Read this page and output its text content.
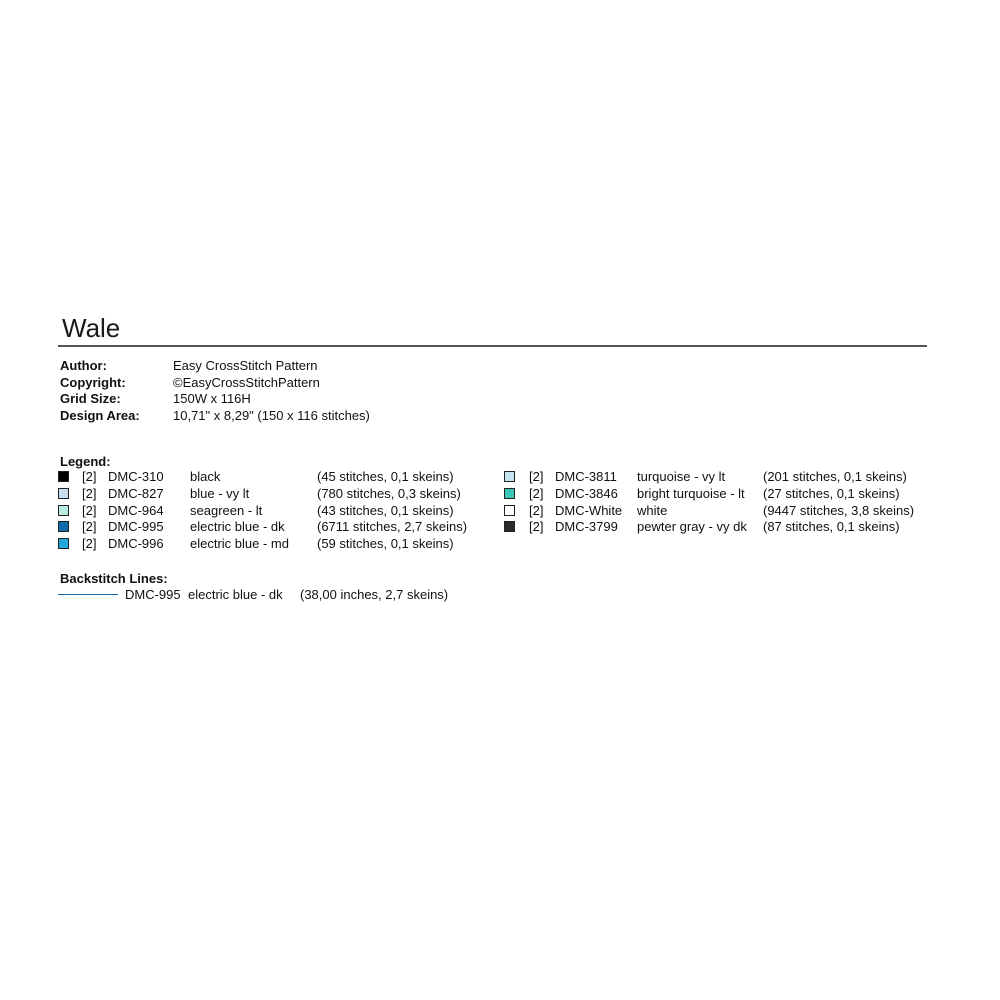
Wale
Author:	Easy CrossStitch Pattern
Copyright:	©EasyCrossStitchPattern
Grid Size:	150W x 116H
Design Area:	10,71" x 8,29" (150 x 116 stitches)
Legend:
[2] DMC-310 black	(45 stitches, 0,1 skeins)
[2] DMC-827 blue - vy lt	(780 stitches, 0,3 skeins)
[2] DMC-964 seagreen - lt	(43 stitches, 0,1 skeins)
[2] DMC-995 electric blue - dk (6711 stitches, 2,7 skeins)
[2] DMC-996 electric blue - md (59 stitches, 0,1 skeins)
[2] DMC-3811 turquoise - vy lt	(201 stitches, 0,1 skeins)
[2] DMC-3846 bright turquoise - lt (27 stitches, 0,1 skeins)
[2] DMC-White white	(9447 stitches, 3,8 skeins)
[2] DMC-3799 pewter gray - vy dk (87 stitches, 0,1 skeins)
Backstitch Lines:
DMC-995 electric blue - dk (38,00 inches, 2,7 skeins)
